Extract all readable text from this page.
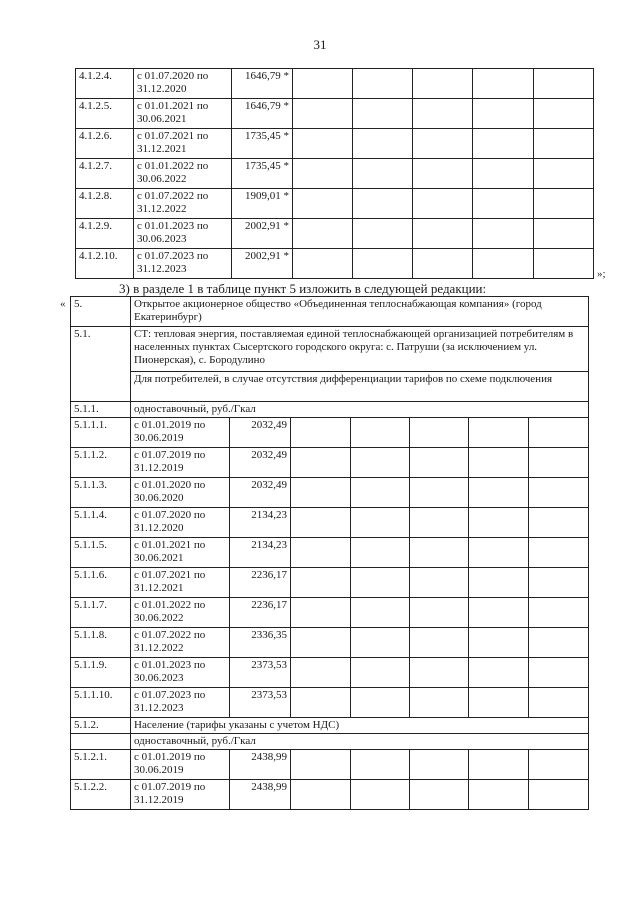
31
4.1.2.4.	с 01.07.2020 по 31.12.2020	1646,79 *					
4.1.2.5.	с 01.01.2021 по 30.06.2021	1646,79 *					
4.1.2.6.	с 01.07.2021 по 31.12.2021	1735,45 *					
4.1.2.7.	с 01.01.2022 по 30.06.2022	1735,45 *					
4.1.2.8.	с 01.07.2022 по 31.12.2022	1909,01 *					
4.1.2.9.	с 01.01.2023 по 30.06.2023	2002,91 *					
4.1.2.10.	с 01.07.2023 по 31.12.2023	2002,91 *					
»;
3) в разделе 1 в таблице пункт 5 изложить в следующей редакции:
« 5.	Открытое акционерное общество «Объединенная теплоснабжающая компания» (город Екатеринбург)						
5.1.	СТ: тепловая энергия, поставляемая единой теплоснабжающей организацией потребителям в населенных пунктах Сысертского городского округа: с. Патруши (за исключением ул. Пионерская), с. Бородулино						
	Для потребителей, в случае отсутствия дифференциации тарифов по схеме подключения						
5.1.1.	одноставочный, руб./Гкал						
5.1.1.1.	с 01.01.2019 по 30.06.2019	2032,49					
5.1.1.2.	с 01.07.2019 по 31.12.2019	2032,49					
5.1.1.3.	с 01.01.2020 по 30.06.2020	2032,49					
5.1.1.4.	с 01.07.2020 по 31.12.2020	2134,23					
5.1.1.5.	с 01.01.2021 по 30.06.2021	2134,23					
5.1.1.6.	с 01.07.2021 по 31.12.2021	2236,17					
5.1.1.7.	с 01.01.2022 по 30.06.2022	2236,17					
5.1.1.8.	с 01.07.2022 по 31.12.2022	2336,35					
5.1.1.9.	с 01.01.2023 по 30.06.2023	2373,53					
5.1.1.10.	с 01.07.2023 по 31.12.2023	2373,53					
5.1.2.	Население (тарифы указаны с учетом НДС)						
	одноставочный, руб./Гкал						
5.1.2.1.	с 01.01.2019 по 30.06.2019	2438,99					
5.1.2.2.	с 01.07.2019 по 31.12.2019	2438,99					
